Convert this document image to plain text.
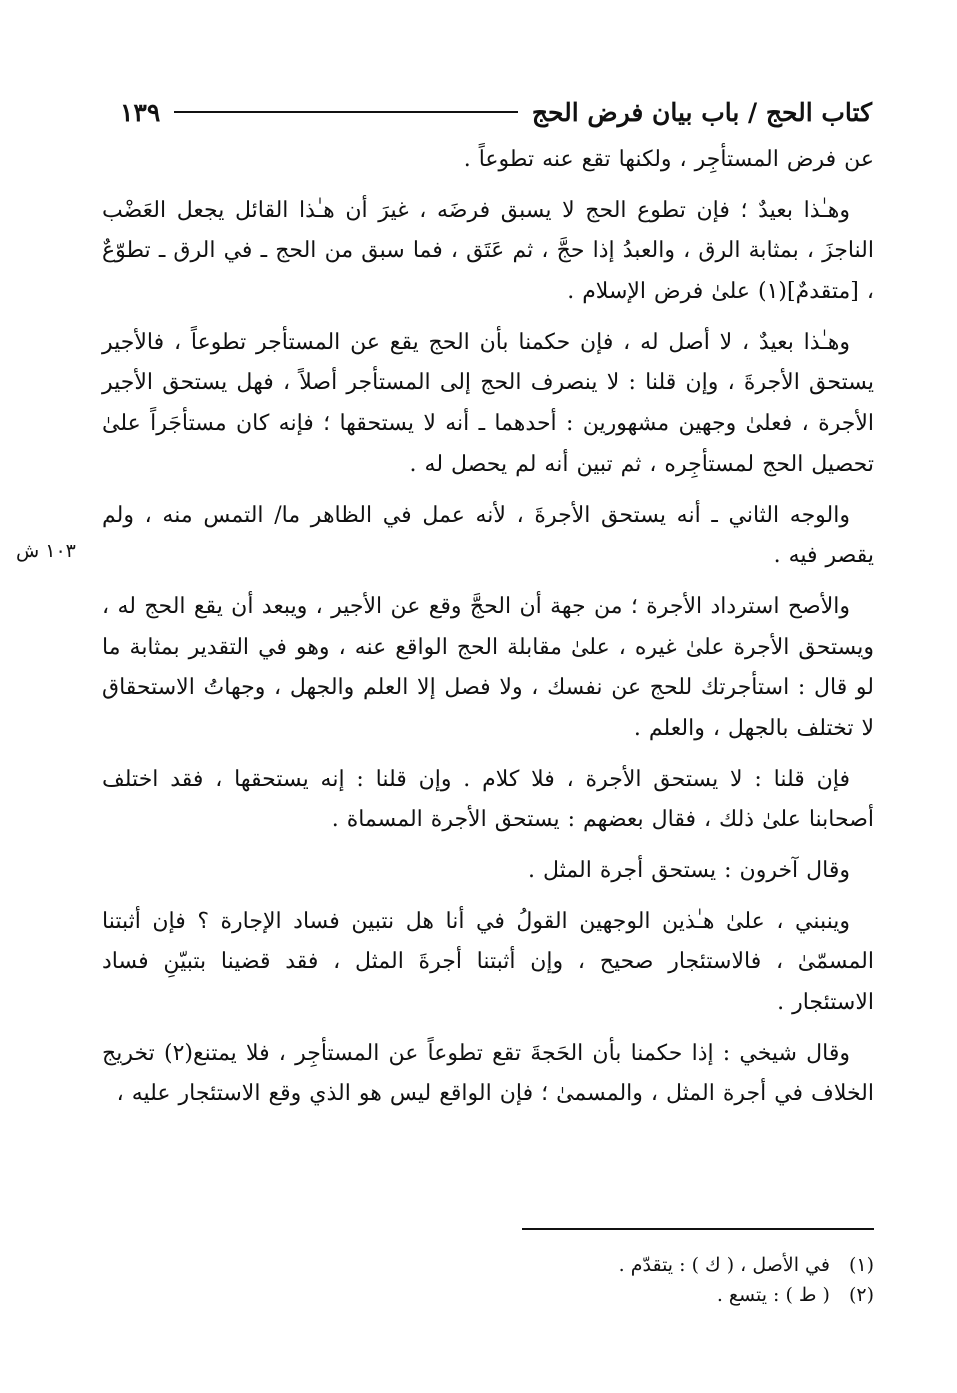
كتاب الحج / باب بيان فرض الحج
١٣٩
١٠٣ ش

عن فرض المستأجِر ، ولكنها تقع عنه تطوعاً .

وهـٰذا بعيدٌ ؛ فإن تطوع الحج لا يسبق فرضَه ، غيرَ أن هـٰذا القائل يجعل العَضْب الناجزَ ، بمثابة الرق ، والعبدُ إذا حجَّ ، ثم عَتَق ، فما سبق من الحج ـ في الرق ـ تطوّعٌ ، [متقدمٌ](١) علىٰ فرض الإسلام .

وهـٰذا بعيدٌ ، لا أصل له ، فإن حكمنا بأن الحج يقع عن المستأجر تطوعاً ، فالأجير يستحق الأجرةَ ، وإن قلنا : لا ينصرف الحج إلى المستأجر أصلاً ، فهل يستحق الأجير الأجرة ، فعلىٰ وجهين مشهورين : أحدهما ـ أنه لا يستحقها ؛ فإنه كان مستأجَراً علىٰ تحصيل الحج لمستأجِره ، ثم تبين أنه لم يحصل له .

والوجه الثاني ـ أنه يستحق الأجرةَ ، لأنه عمل في الظاهر ما/ التمس منه ، ولم يقصر فيه .

والأصح استرداد الأجرة ؛ من جهة أن الحجَّ وقع عن الأجير ، ويبعد أن يقع الحج له ، ويستحق الأجرة علىٰ غيره ، علىٰ مقابلة الحج الواقع عنه ، وهو في التقدير بمثابة ما لو قال : استأجرتك للحج عن نفسك ، ولا فصل إلا العلم والجهل ، وجهاتُ الاستحقاق لا تختلف بالجهل ، والعلم .

فإن قلنا : لا يستحق الأجرة ، فلا كلام . وإن قلنا : إنه يستحقها ، فقد اختلف أصحابنا علىٰ ذلك ، فقال بعضهم : يستحق الأجرة المسماة .

وقال آخرون : يستحق أجرة المثل .

وينبني ، علىٰ هـٰذين الوجهين القولُ في أنا هل نتبين فساد الإجارة ؟ فإن أثبتنا المسمّىٰ ، فالاستئجار صحيح ، وإن أثبتنا أجرةَ المثل ، فقد قضينا بتبيّنِ فساد الاستئجار .

وقال شيخي : إذا حكمنا بأن الحَجةَ تقع تطوعاً عن المستأجِر ، فلا يمتنع(٢) تخريج الخلاف في أجرة المثل ، والمسمىٰ ؛ فإن الواقع ليس هو الذي وقع الاستئجار عليه ،

(١) في الأصل ، ( ك ) : يتقدّم .
(٢) ( ط ) : يتسع .
